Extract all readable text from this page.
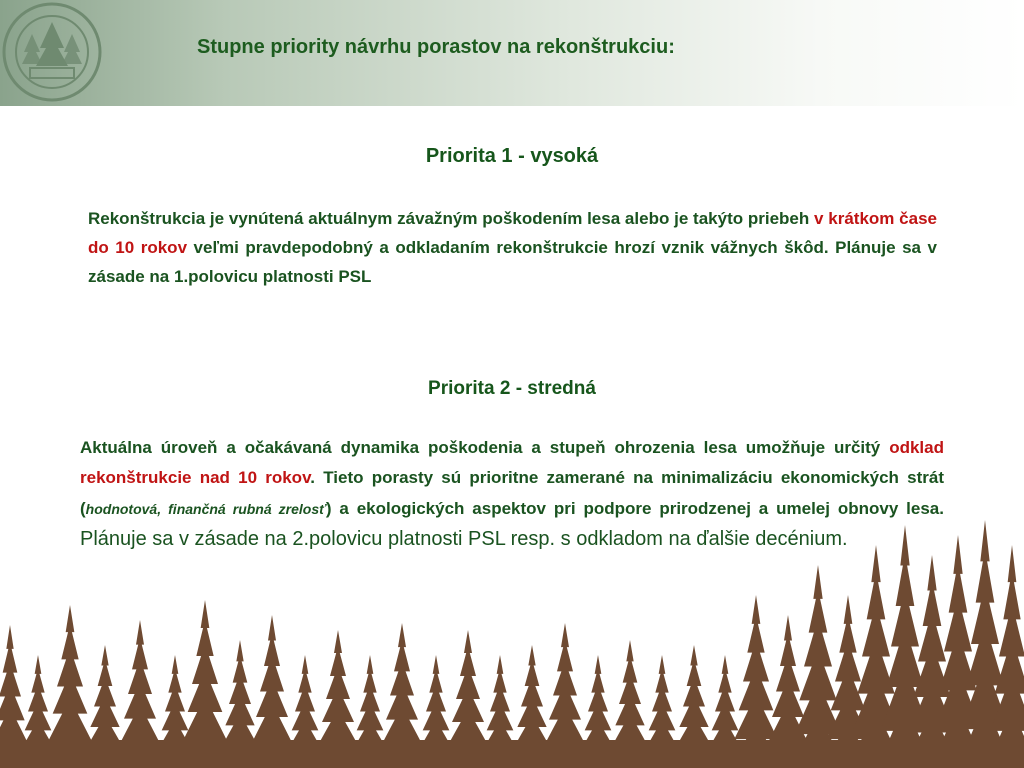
Stupne priority návrhu porastov na rekonštrukciu:
Priorita 1 - vysoká

Rekonštrukcia je vynútená aktuálnym závažným poškodením lesa alebo je takýto priebeh v krátkom čase do 10 rokov veľmi pravdepodobný a odkladaním rekonštrukcie hrozí vznik vážnych škôd. Plánuje sa v zásade na 1.polovicu platnosti PSL

Priorita 2 - stredná

Aktuálna úroveň a očakávaná dynamika poškodenia a stupeň ohrozenia lesa umožňuje určitý odklad rekonštrukcie nad 10 rokov. Tieto porasty sú prioritne zamerané na minimalizáciu ekonomických strát (hodnotová, finančná rubná zrelosť) a ekologických aspektov pri podpore prirodzenej a umelej obnovy lesa. Plánuje sa v zásade na 2.polovicu platnosti PSL resp. s odkladom na ďalšie decénium.
